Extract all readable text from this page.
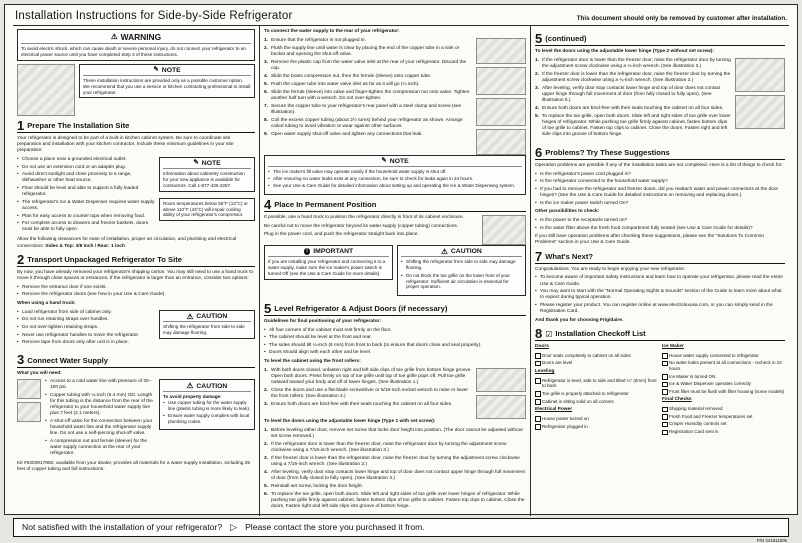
Installation Instructions for Side-by-Side Refrigerator	This document should only be removed by customer after installation.
⚠ WARNING

To avoid electric shock, which can cause death or severe personal injury, do not connect your refrigerator to an electrical power source until you have completed Step 3 of these instructions.

✎ NOTE

These installation instructions are provided only as a possible customer option. We recommend that you use a service or kitchen contracting professional to install your refrigerator.

1 Prepare The Installation Site

Your refrigerator is designed to be part of a built-in kitchen cabinet system. Be sure to coordinate site preparation and installation with your kitchen contractor. Include these minimum guidelines in your site preparation:

• Choose a place near a grounded electrical outlet.
• Do not use an extension cord or an adapter plug.
• Avoid direct sunlight and close proximity to a range, dishwasher or other heat source.
• Floor should be level and able to support a fully loaded refrigerator.
• The refrigerator's Ice & Water Dispenser requires water supply access.
• Plan for easy access to counter tops when removing food.
• For complete access to drawers and freezer baskets, doors must be able to fully open.
✎ NOTE

Information about cabinetry construction for your new appliance is available for contractors. Call 1-877-435-3287.

Room temperatures below 55°F (13°C) or above 110°F (43°C) will impair cooling ability of your refrigerator's compressor.

Allow the following clearances for ease of installation, proper air circulation, and plumbing and electrical connections: Sides & Top: 3/8 inch / Rear: 1 inch

2 Transport Unpackaged Refrigerator To Site

By now, you have already removed your refrigerator's shipping carton. You may still need to use a hand truck to move it through close spaces or entrances. If the refrigerator is larger than an entrance, consider two options:

• Remove the entrance door if one exists.
• Remove the refrigerator doors (see how in your Use & Care Guide).

When using a hand truck:

• Load refrigerator from side of cabinet only.
• Do not run retaining straps over handles.
• Do not over-tighten retaining straps.
• Never use refrigerator handles to move the refrigerator.
• Remove tape from doors only after unit is in place.
⚠ CAUTION

Shifting the refrigerator from side to side may damage flooring.

3 Connect Water Supply

What you will need:

• Access to a cold water line with pressure of 30–100 psi.
• Copper tubing with ¼-inch (6.4 mm) OD. Length for this tubing is the distance from the rear of the refrigerator to your household water supply line plus 7 feet (2.1 meters).
• A shut-off valve for the connection between your household water line and the refrigerator supply line. Do not use a self-piercing shut-off valve.
• A compression nut and ferrule (sleeve) for the water supply connection at the rear of your refrigerator.
⚠ CAUTION

To avoid property damage:

• Use copper tubing for the water supply line (plastic tubing is more likely to leak).
• Ensure water supply complies with local plumbing codes.

Kit #5303917950, available from your dealer, provides all materials for a water supply installation, including 25 feet of copper tubing and full instructions.

To connect the water supply to the rear of your refrigerator:

Ensure that the refrigerator is not plugged in.
Flush the supply line until water is clear by placing the end of the copper tube in a sink or bucket and opening the shut-off valve.
Remove the plastic cap from the water valve inlet at the rear of your refrigerator. Discard the cap.
Slide the brass compression nut, then the ferrule (sleeve) onto copper tube.
Push the copper tube into water valve inlet as far as it will go (¼ inch).
Slide the ferrule (sleeve) into valve and finger-tighten the compression nut onto valve. Tighten another half turn with a wrench. Do not over-tighten.
Secure the copper tube to your refrigerator's rear panel with a steel clamp and screw (see illustration).
Coil the excess copper tubing (about 2½ turns) behind your refrigerator as shown. Arrange coiled tubing to avoid vibration or wear against other surfaces.
Open water supply shut-off valve and tighten any connections that leak.
✎ NOTE
• The ice maker's fill valve may operate noisily if the household water supply is shut off.
• After ensuring no water leaks exist at any connection, be sure to check for leaks again in 24 hours.
• See your Use & Care Guide for detailed information about setting up and operating the Ice & Water Dispensing system.
4 Place In Permanent Position

If possible, use a hand truck to position the refrigerator directly in front of its cabinet enclosure.

Be careful not to move the refrigerator beyond its water supply (copper tubing) connections.

Plug in the power cord, and push the refrigerator straight back into place.

! IMPORTANT

If you are installing your refrigerator and connecting it to a water supply, make sure the ice maker's power switch is turned Off (see the Use & Care Guide for more details).

⚠ CAUTION
• Shifting the refrigerator from side to side may damage flooring.
• Do not block the toe grille on the lower front of your refrigerator. Sufficient air circulation is essential for proper operation.
5 Level Refrigerator & Adjust Doors (if necessary)

Guidelines for final positioning of your refrigerator:

• All four corners of the cabinet must rest firmly on the floor.
• The cabinet should be level at the front and rear.
• The sides should tilt ¼-inch (6 mm) from front to back (to ensure that doors close and seal properly).
• Doors should align with each other and be level.

To level the cabinet using the front rollers:

With both doors closed, unfasten right and left side clips of toe grille from bottom hinge groove. Open both doors. Press firmly on top of toe grille until top of toe grille pops off. Pull toe grille outward toward your body and off of lower hinges. (See illustration 1.)
Close the doors and use a flat-blade screwdriver or 5/16-inch socket wrench to raise or lower the front rollers. (See illustration 2.)
Ensure both doors are bind-free with their seals touching the cabinet on all four sides.

To level the doors using the adjustable lower hinge (Type 1 with set screw):

Before leveling either door, remove set screw that locks door height into position. (The door cannot be adjusted without set screw removed.)
If the refrigerator door is lower than the freezer door, raise the refrigerator door by turning the adjustment screw clockwise using a 7/16-inch wrench. (See illustration 3.)
If the freezer door is lower than the refrigerator door, raise the freezer door by turning the adjustment screw clockwise using a 7/16-inch wrench. (See illustration 3.)
After leveling, verify door stop contacts lower hinge and top of door does not contact upper hinge through full movement of door (from fully closed to fully open). (See illustration 4.)
Reinstall set screw, locking the door height.
To replace the toe grille, open both doors. Slide left and right sides of toe grille over lower hinges of refrigerator. While pushing toe grille firmly against cabinet, fasten bottom clips of toe grille to cabinet. Fasten top clips to cabinet. Close the doors. Fasten right and left side clips into groove of bottom hinge.
5 (continued)

To level the doors using the adjustable lower hinge (Type 2 without set screw):

If the refrigerator door is lower than the freezer door, raise the refrigerator door by turning the adjustment screw clockwise using a ¼-inch wrench. (See illustration 3.)
If the freezer door is lower than the refrigerator door, raise the freezer door by turning the adjustment screw clockwise using a ¼-inch wrench. (See illustration 3.)
After leveling, verify door stop contacts lower hinge and top of door does not contact upper hinge through full movement of door (from fully closed to fully open). (See illustration 5.)
Ensure both doors are bind-free with their seals touching the cabinet on all four sides.
To replace the toe grille, open both doors. Slide left and right sides of toe grille over lower hinges of refrigerator. While pushing toe grille firmly against cabinet, fasten bottom clips of toe grille to cabinet. Fasten top clips to cabinet. Close the doors. Fasten right and left side clips into groove of bottom hinge.
6 Problems? Try These Suggestions

Operation problems are possible if any of the installation tasks are not completed. Here is a list of things to check for:

• Is the refrigerator's power cord plugged in?
• Is the refrigerator connected to the household water supply?
• If you had to remove the refrigerator and freezer doors, did you reattach water and power connectors at the door hinges? (See the Use & Care Guide for detailed instructions on removing and replacing doors.)
• Is the ice maker power switch turned On?

Other possibilities to check:

• Is the power to the receptacle turned on?
• Is the water filter above the fresh food compartment fully seated (see Use & Care Guide for details)?

If you still have operation problems after checking these suggestions, please see the "Solutions To Common Problems" section in your Use & Care Guide.

7 What's Next?

Congratulations. You are ready to begin enjoying your new refrigerator.

• To become aware of important safety instructions and learn how to operate your refrigerator, please read the entire Use & Care Guide.
• You may want to start with the "Normal Operating Sights & Sounds" section of the Guide to learn more about what to expect during typical operation.
• Please register your product. You can register online at www.electroluxusa.com, or you can simply send in the Registration Card.

And thank you for choosing Frigidaire.

8 ☑ Installation Checkoff List

Doors

Door seals completely to cabinet on all sides
Doors are level

Leveling

Refrigerator is level, side to side and tilted ¼" (6mm) front to back
Toe grille is properly attached to refrigerator
Cabinet is sitting solid on all corners

Electrical Power

House power turned on
Refrigerator plugged in

Ice Maker

House water supply connected to refrigerator
No water leaks present at all connections - recheck in 24 hours
Ice Maker is turned ON.
Ice & Water Dispenser operates correctly
Front filter must be flush with filter housing (some models)

Final Checks

Shipping material removed
Fresh Food and Freezer temperatures set
Crisper Humidity controls set
Registration Card sent in
Not satisfied with the installation of your refrigerator? ▷ Please contact the store you purchased it from.
P/N 241811505
